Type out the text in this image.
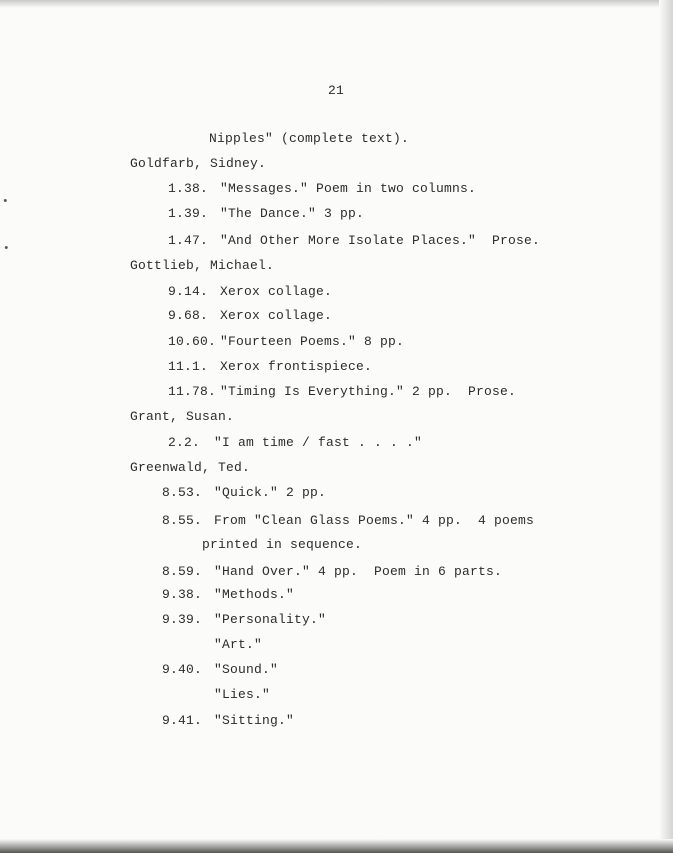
•
•
21
Nipples" (complete text).
Goldfarb, Sidney.
1.38. "Messages." Poem in two columns.
1.39. "The Dance." 3 pp.
1.47. "And Other More Isolate Places."  Prose.
Gottlieb, Michael.
9.14. Xerox collage.
9.68. Xerox collage.
10.60. "Fourteen Poems." 8 pp.
11.1. Xerox frontispiece.
11.78. "Timing Is Everything." 2 pp.  Prose.
Grant, Susan.
2.2. "I am time / fast . . . ."
Greenwald, Ted.
8.53. "Quick." 2 pp.
8.55. From "Clean Glass Poems." 4 pp.  4 poems
printed in sequence.
8.59. "Hand Over." 4 pp.  Poem in 6 parts.
9.38. "Methods."
9.39. "Personality."
"Art."
9.40. "Sound."
"Lies."
9.41. "Sitting."
